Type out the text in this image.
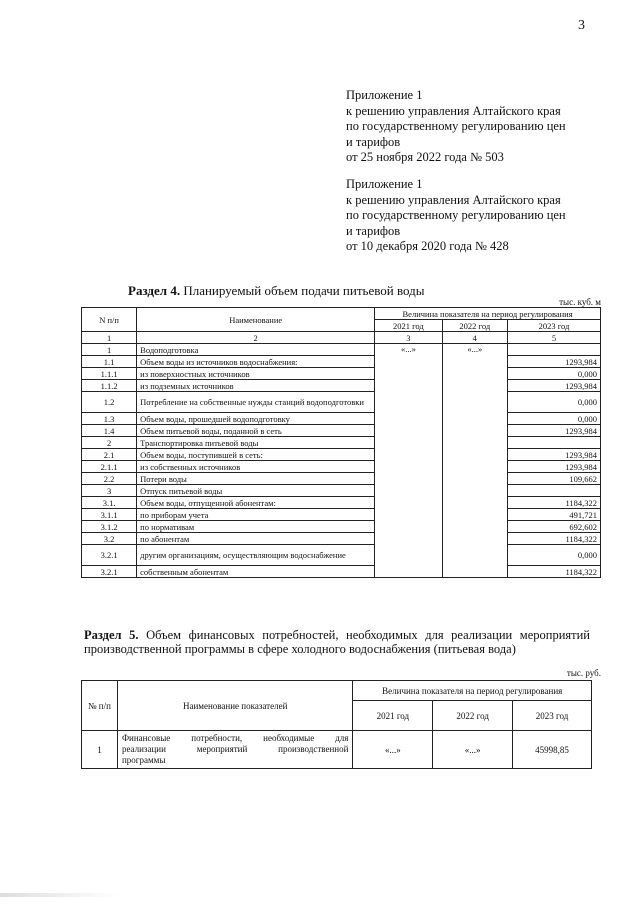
3
Приложение 1
к решению управления Алтайского края
по государственному регулированию цен
и тарифов
от 25 ноября 2022 года № 503
Приложение 1
к решению управления Алтайского края
по государственному регулированию цен
и тарифов
от 10 декабря 2020 года № 428
Раздел 4. Планируемый объем подачи питьевой воды
тыс. куб. м
N п/п	Наименование	Величина показателя на период регулирования		
		2021 год	2022 год	2023 год
1	2	3	4	5
1	Водоподготовка	«...»	«...»	
1.1	Объем воды из источников водоснабжения:			1293,984
1.1.1	из поверхностных источников			0,000
1.1.2	из подземных источников			1293,984
1.2	Потребление на собственные нужды станций водоподготовки			0,000
1.3	Объем воды, прошедшей водоподготовку			0,000
1.4	Объем питьевой воды, поданной в сеть			1293,984
2	Транспортировка питьевой воды			
2.1	Объем воды, поступившей в сеть:			1293,984
2.1.1	из собственных источников			1293,984
2.2	Потери воды			109,662
3	Отпуск питьевой воды			
3.1.	Объем воды, отпущенной абонентам:			1184,322
3.1.1	по приборам учета			491,721
3.1.2	по нормативам			692,602
3.2	по абонентам			1184,322
3.2.1	другим организациям, осуществляющим водоснабжение			0,000
3.2.1	собственным абонентам			1184,322
Раздел 5. Объем финансовых потребностей, необходимых для реализации мероприятий производственной программы в сфере холодного водоснабжения (питьевая вода)
тыс. руб.
№ п/п	Наименование показателей	Величина показателя на период регулирования		
		2021 год	2022 год	2023 год
1	Финансовые потребности, необходимые для
реализации мероприятий производственной
программы	«...»	«...»	45998,85
